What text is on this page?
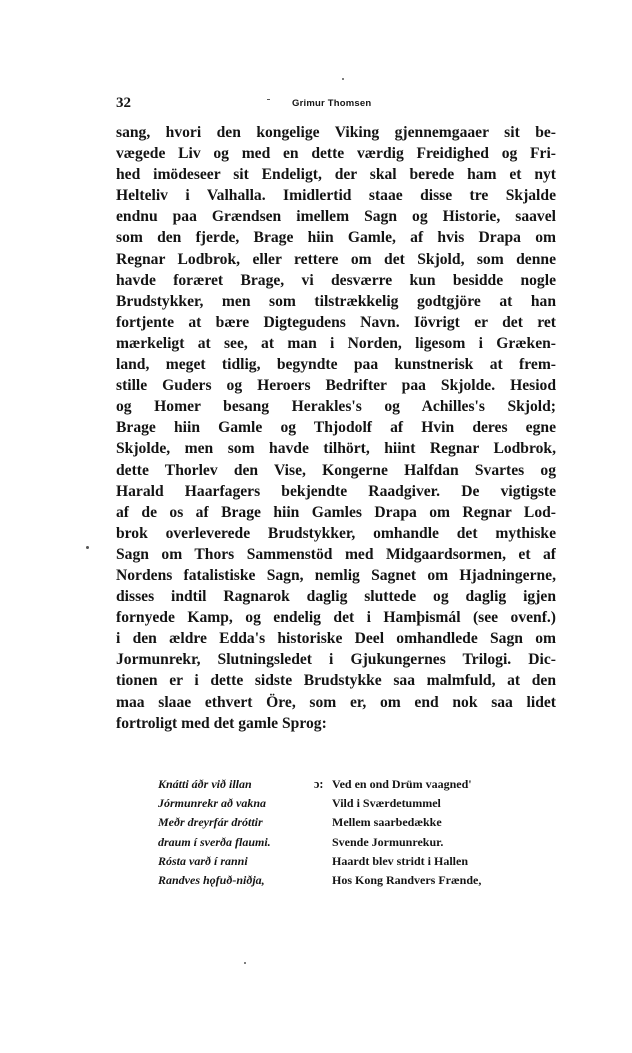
32	Grimur Thomsen
sang, hvori den kongelige Viking gjennemgaaer sit be-
vægede Liv og med en dette værdig Freidighed og Fri-
hed imödeseer sit Endeligt, der skal berede ham et nyt
Helteliv i Valhalla. Imidlertid staae disse tre Skjalde
endnu paa Grændsen imellem Sagn og Historie, saavel
som den fjerde, Brage hiin Gamle, af hvis Drapa om
Regnar Lodbrok, eller rettere om det Skjold, som denne
havde foræret Brage, vi desværre kun besidde nogle
Brudstykker, men som tilstrækkelig godtgjöre at han
fortjente at bære Digtegudens Navn. Iövrigt er det ret
mærkeligt at see, at man i Norden, ligesom i Græken-
land, meget tidlig, begyndte paa kunstnerisk at frem-
stille Guders og Heroers Bedrifter paa Skjolde. Hesiod
og Homer besang Herakles's og Achilles's Skjold;
Brage hiin Gamle og Thjodolf af Hvin deres egne
Skjolde, men som havde tilhört, hiint Regnar Lodbrok,
dette Thorlev den Vise, Kongerne Halfdan Svartes og
Harald Haarfagers bekjendte Raadgiver. De vigtigste
af de os af Brage hiin Gamles Drapa om Regnar Lod-
brok overleverede Brudstykker, omhandle det mythiske
Sagn om Thors Sammenstöd med Midgaardsormen, et af
Nordens fatalistiske Sagn, nemlig Sagnet om Hjadningerne,
disses indtil Ragnarok daglig sluttede og daglig igjen
fornyede Kamp, og endelig det i Hamþismál (see ovenf.)
i den ældre Edda's historiske Deel omhandlede Sagn om
Jormunrekr, Slutningsledet i Gjukungernes Trilogi. Dic-
tionen er i dette sidste Brudstykke saa malmfuld, at den
maa slaae ethvert Öre, som er, om end nok saa lidet
fortroligt med det gamle Sprog:
Knátti áðr við illan	ɔ: Ved en ond Drüm vaagned'
Jórmunrekr að vakna	Vild i Sværdetummel
Meðr dreyrfár dróttir	Mellem saarbedække
draum í sverða flaumi.	Svende Jormunrekur.
Rósta varð í ranni	Haardt blev stridt i Hallen
Randves hǫfuð-niðja,	Hos Kong Randvers Frænde,
